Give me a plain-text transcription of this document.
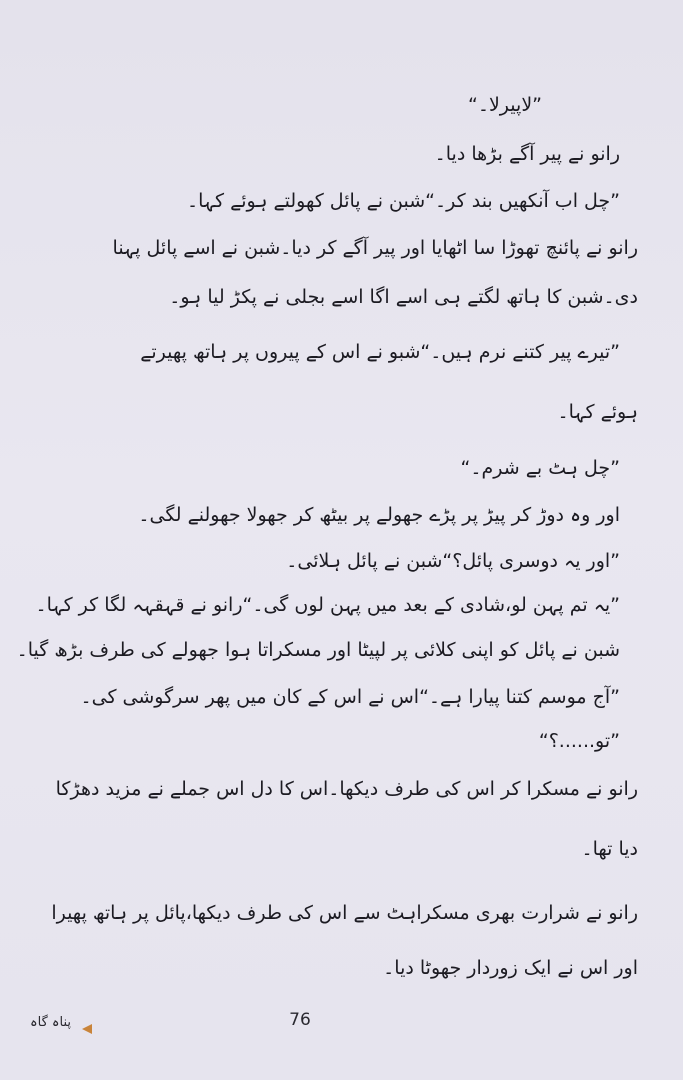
”لاپیرلا۔“

رانو نے پیر آگے بڑھا دیا۔

”چل اب آنکھیں بند کر۔“شبن نے پائل کھولتے ہوئے کہا۔

رانو نے پائنچ تھوڑا سا اٹھایا اور پیر آگے کر دیا۔شبن نے اسے پائل پہنا

دی۔شبن کا ہاتھ لگتے ہی اسے اگا اسے بجلی نے پکڑ لیا ہو۔

”تیرے پیر کتنے نرم ہیں۔“شبو نے اس کے پیروں پر ہاتھ پھیرتے

ہوئے کہا۔

”چل ہٹ بے شرم۔“

اور وہ دوڑ کر پیڑ پر پڑے جھولے پر بیٹھ کر جھولا جھولنے لگی۔

”اور یہ دوسری پائل؟“شبن نے پائل ہلائی۔

”یہ تم پہن لو،شادی کے بعد میں پہن لوں گی۔“رانو نے قہقہہ لگا کر کہا۔

شبن نے پائل کو اپنی کلائی پر لپیٹا اور مسکراتا ہوا جھولے کی طرف بڑھ گیا۔

”آج موسم کتنا پیارا ہے۔“اس نے اس کے کان میں پھر سرگوشی کی۔

”تو......؟“

رانو نے مسکرا کر اس کی طرف دیکھا۔اس کا دل اس جملے نے مزید دھڑکا

دیا تھا۔

رانو نے شرارت بھری مسکراہٹ سے اس کی طرف دیکھا،پائل پر ہاتھ پھیرا

اور اس نے ایک زوردار جھوٹا دیا۔

76
پناہ گاہ
